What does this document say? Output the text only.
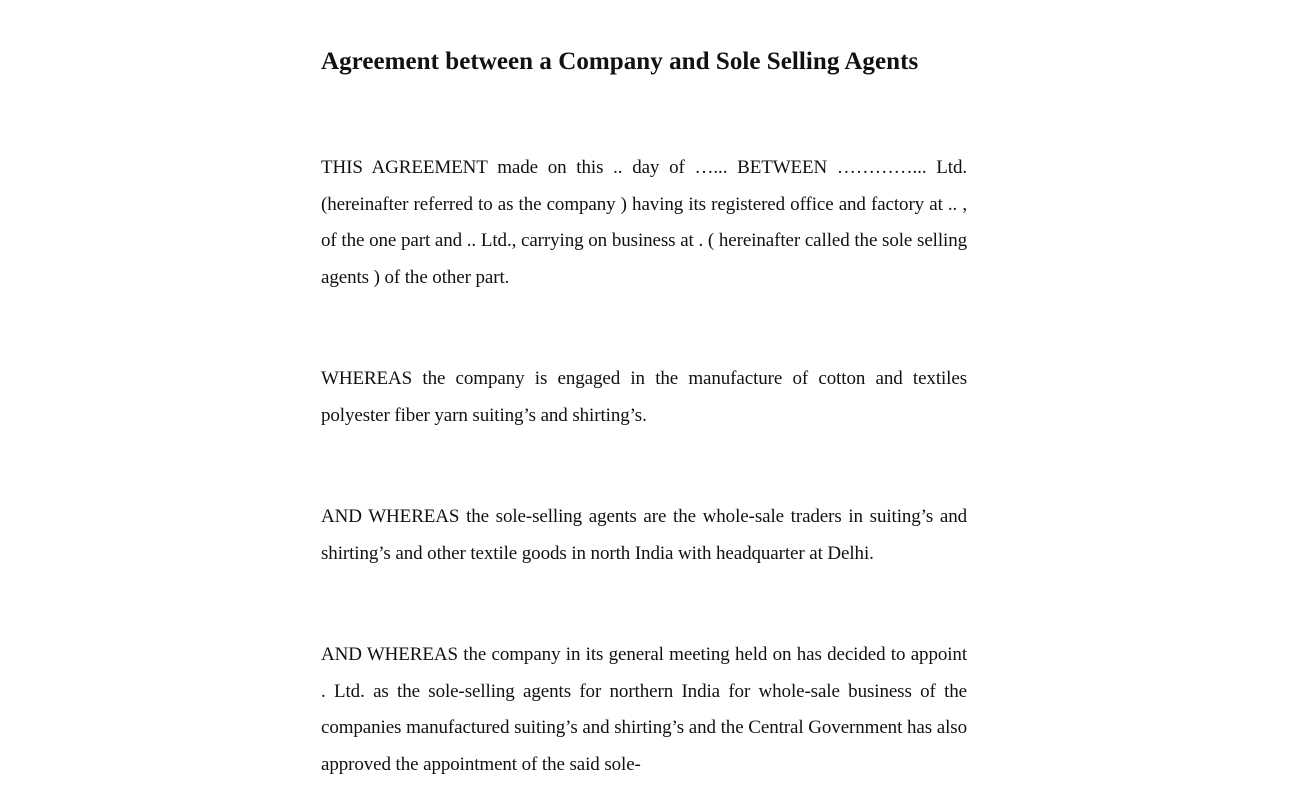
Agreement between a Company and Sole Selling Agents

THIS AGREEMENT made on this .. day of …... BETWEEN …………... Ltd. (hereinafter referred to as the company ) having its registered office and factory at .. , of the one part and .. Ltd., carrying on business at . ( hereinafter called the sole selling agents ) of the other part.

WHEREAS the company is engaged in the manufacture of cotton and textiles polyester fiber yarn suiting’s and shirting’s.

AND WHEREAS the sole-selling agents are the whole-sale traders in suiting’s and shirting’s and other textile goods in north India with headquarter at Delhi.

AND WHEREAS the company in its general meeting held on has decided to appoint . Ltd. as the sole-selling agents for northern India for whole-sale business of the companies manufactured suiting’s and shirting’s and the Central Government has also approved the appointment of the said sole-
